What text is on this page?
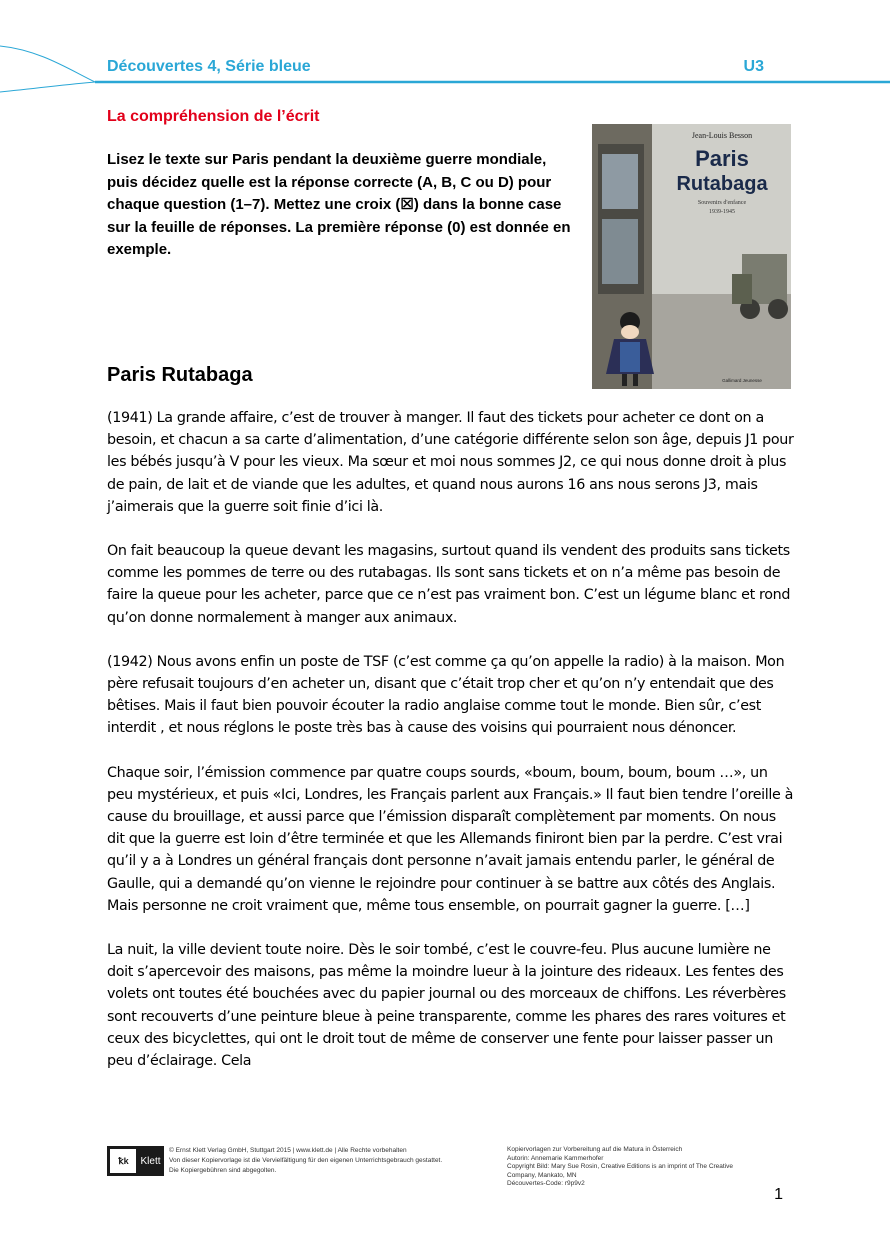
Découvertes 4, Série bleue	U3
La compréhension de l’écrit
Lisez le texte sur Paris pendant la deuxième guerre mondiale, puis décidez quelle est la réponse correcte (A, B, C ou D) pour chaque question (1–7). Mettez une croix (☒) dans la bonne case sur la feuille de réponses. La première réponse (0) est donnée en exemple.
Jean-Louis Besson
Paris
Rutabaga
Souvenirs d'enfance
1939-1945
Gallimard Jeunesse
Paris Rutabaga

(1941) La grande affaire, c’est de trouver à manger. Il faut des tickets pour acheter ce dont on a besoin, et chacun a sa carte d’alimentation, d’une catégorie différente selon son âge, depuis J1 pour les bébés jusqu’à V pour les vieux. Ma sœur et moi nous sommes J2, ce qui nous donne droit à plus de pain, de lait et de viande que les adultes, et quand nous aurons 16 ans nous serons J3, mais j’aimerais que la guerre soit finie d’ici là.

On fait beaucoup la queue devant les magasins, surtout quand ils vendent des produits sans tickets comme les pommes de terre ou des rutabagas. Ils sont sans tickets et on n’a même pas besoin de faire la queue pour les acheter, parce que ce n’est pas vraiment bon. C’est un légume blanc et rond qu’on donne normalement à manger aux animaux.

(1942) Nous avons enfin un poste de TSF (c’est comme ça qu’on appelle la radio) à la maison. Mon père refusait toujours d’en acheter un, disant que c’était trop cher et qu’on n’y entendait que des bêtises. Mais il faut bien pouvoir écouter la radio anglaise comme tout le monde. Bien sûr, c’est interdit , et nous réglons le poste très bas à cause des voisins qui pourraient nous dénoncer.

Chaque soir, l’émission commence par quatre coups sourds, «boum, boum, boum, boum …», un peu mystérieux, et puis «Ici, Londres, les Français parlent aux Français.» Il faut bien tendre l’oreille à cause du brouillage, et aussi parce que l’émission disparaît complètement par moments. On nous dit que la guerre est loin d’être terminée et que les Allemands finiront bien par la perdre. C’est vrai qu’il y a à Londres un général français dont personne n’avait jamais entendu parler, le général de Gaulle, qui a demandé qu’on vienne le rejoindre pour continuer à se battre aux côtés des Anglais. Mais personne ne croit vraiment que, même tous ensemble, on pourrait gagner la guerre. […]

La nuit, la ville devient toute noire. Dès le soir tombé, c’est le couvre-feu. Plus aucune lumière ne doit s’apercevoir des maisons, pas même la moindre lueur à la jointure des rideaux. Les fentes des volets ont toutes été bouchées avec du papier journal ou des morceaux de chiffons. Les réverbères sont recouverts d’une peinture bleue à peine transparente, comme les phares des rares voitures et ceux des bicyclettes, qui ont le droit tout de même de conserver une fente pour laisser passer un peu d’éclairage. Cela

ꝁk	Klett
© Ernst Klett Verlag GmbH, Stuttgart 2015 | www.klett.de | Alle Rechte vorbehalten
Von dieser Kopiervorlage ist die Vervielfältigung für den eigenen Unterrichtsgebrauch gestattet.
Die Kopiergebühren sind abgegolten.
Kopiervorlagen zur Vorbereitung auf die Matura in Österreich
Autorin: Annemarie Kammerhofer
Copyright Bild: Mary Sue Rosin, Creative Editions is an imprint of The Creative
Company, Mankato, MN
Découvertes-Code: r9p9v2
1
